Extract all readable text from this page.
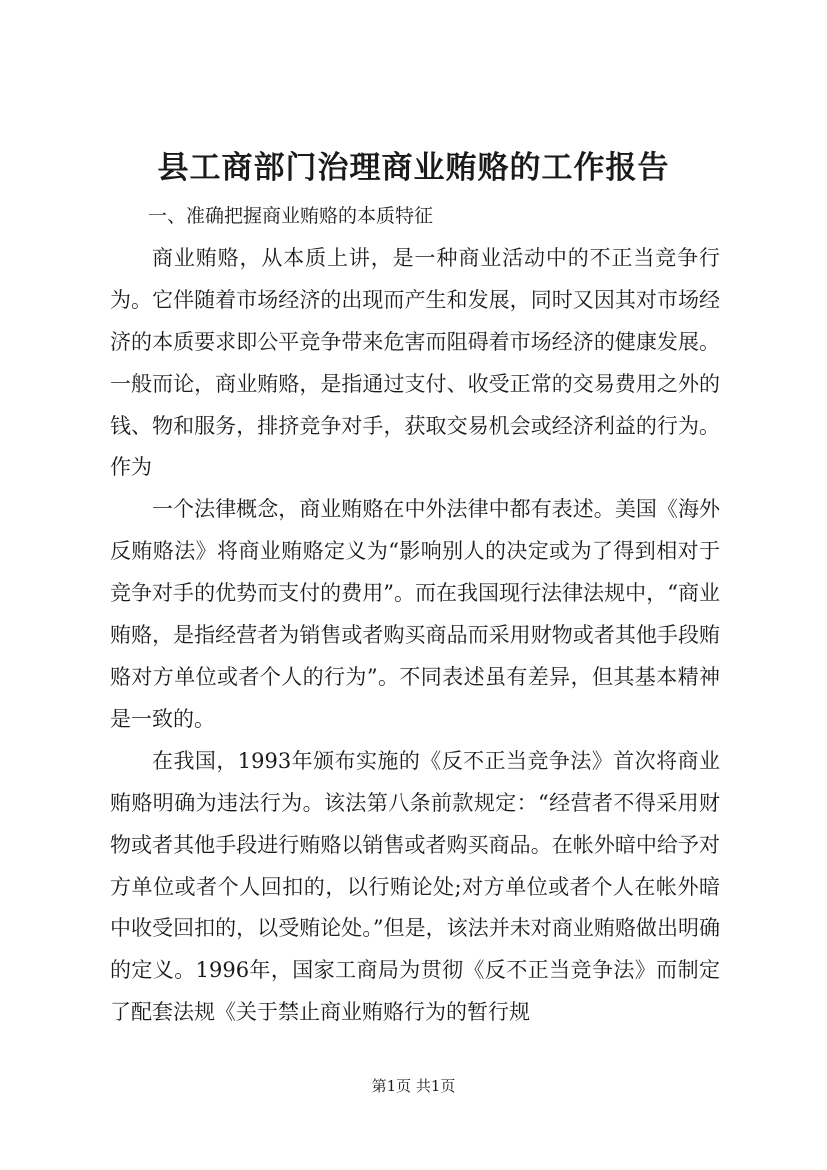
县工商部门治理商业贿赂的工作报告

一、准确把握商业贿赂的本质特征

商业贿赂，从本质上讲，是一种商业活动中的不正当竞争行为。它伴随着市场经济的出现而产生和发展，同时又因其对市场经济的本质要求即公平竞争带来危害而阻碍着市场经济的健康发展。一般而论，商业贿赂，是指通过支付、收受正常的交易费用之外的钱、物和服务，排挤竞争对手，获取交易机会或经济利益的行为。作为

一个法律概念，商业贿赂在中外法律中都有表述。美国《海外反贿赂法》将商业贿赂定义为“影响别人的决定或为了得到相对于竞争对手的优势而支付的费用”。而在我国现行法律法规中，“商业贿赂，是指经营者为销售或者购买商品而采用财物或者其他手段贿赂对方单位或者个人的行为”。不同表述虽有差异，但其基本精神是一致的。

在我国，1993年颁布实施的《反不正当竞争法》首次将商业贿赂明确为违法行为。该法第八条前款规定：“经营者不得采用财物或者其他手段进行贿赂以销售或者购买商品。在帐外暗中给予对方单位或者个人回扣的，以行贿论处;对方单位或者个人在帐外暗中收受回扣的，以受贿论处。”但是，该法并未对商业贿赂做出明确的定义。1996年，国家工商局为贯彻《反不正当竞争法》而制定了配套法规《关于禁止商业贿赂行为的暂行规

第1页 共1页
